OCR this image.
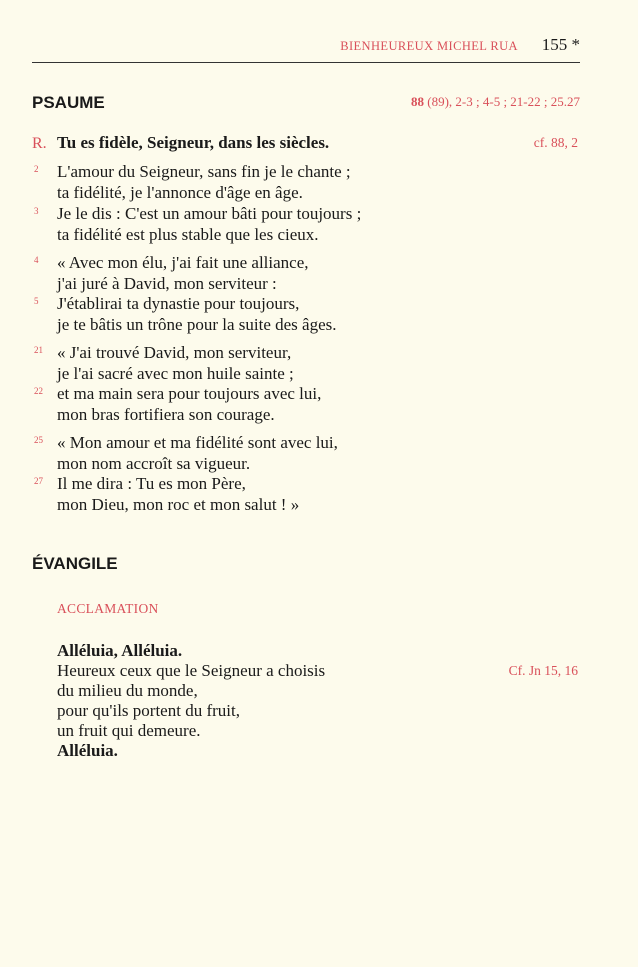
BIENHEUREUX MICHEL RUA 155 *
PSAUME	88 (89), 2-3 ; 4-5 ; 21-22 ; 25.27
R. Tu es fidèle, Seigneur, dans les siècles.	cf. 88, 2
2 L'amour du Seigneur, sans fin je le chante ;
ta fidélité, je l'annonce d'âge en âge.
3 Je le dis : C'est un amour bâti pour toujours ;
ta fidélité est plus stable que les cieux.
4 « Avec mon élu, j'ai fait une alliance,
j'ai juré à David, mon serviteur :
5 J'établirai ta dynastie pour toujours,
je te bâtis un trône pour la suite des âges.
21 « J'ai trouvé David, mon serviteur,
je l'ai sacré avec mon huile sainte ;
22 et ma main sera pour toujours avec lui,
mon bras fortifiera son courage.
25 « Mon amour et ma fidélité sont avec lui,
mon nom accroît sa vigueur.
27 Il me dira : Tu es mon Père,
mon Dieu, mon roc et mon salut ! »
ÉVANGILE
ACCLAMATION
Alléluia, Alléluia.
Heureux ceux que le Seigneur a choisis
du milieu du monde,
pour qu'ils portent du fruit,
un fruit qui demeure.
Alléluia.
Cf. Jn 15, 16
